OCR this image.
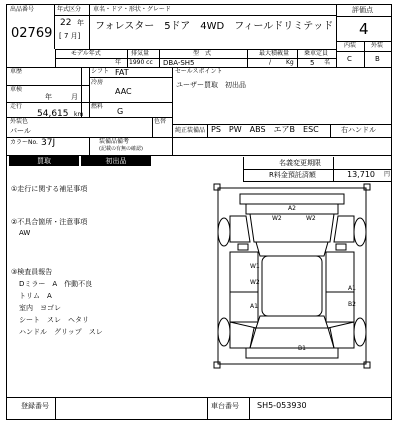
出品番号
02769
年式区分
22 年
[ 7 月]
車名・ドア・形状・グレード
フォレスター　5ドア　4WD　フィールドリミテッド
評価点
4
内装 外装
C	B
モデル年式	排気量	型　式	最大積載量 乗車定員
年 1990 cc DBA-SH5	/ Kg 5 名
車歴	シフト FAT
冷房
AAC
車検
年	月
走行
54,615 km
燃料
G
外装色
パール
色替
セールスポイント
ユーザー買取　初出品
純正装備品 PS　PW　ABS　エアB　ESC	右ハンドル
カラーNo. 37J	装備品備考
(記載の有無の確認)
買取	初出品	名義変更期限
R料金預託済額	13,710 円
①走行に関する補足事項
②不具合箇所・注意事項
AW
③検査員報告
Dミラー　A　作動不良
トリム　A
室内　ヨゴレ
シート　スレ　ヘタリ
ハンドル　グリップ　スレ
A2
W2	W2
W1
W2
A1
B2
A1
B1
登録番号	車台番号 SH5-053930
